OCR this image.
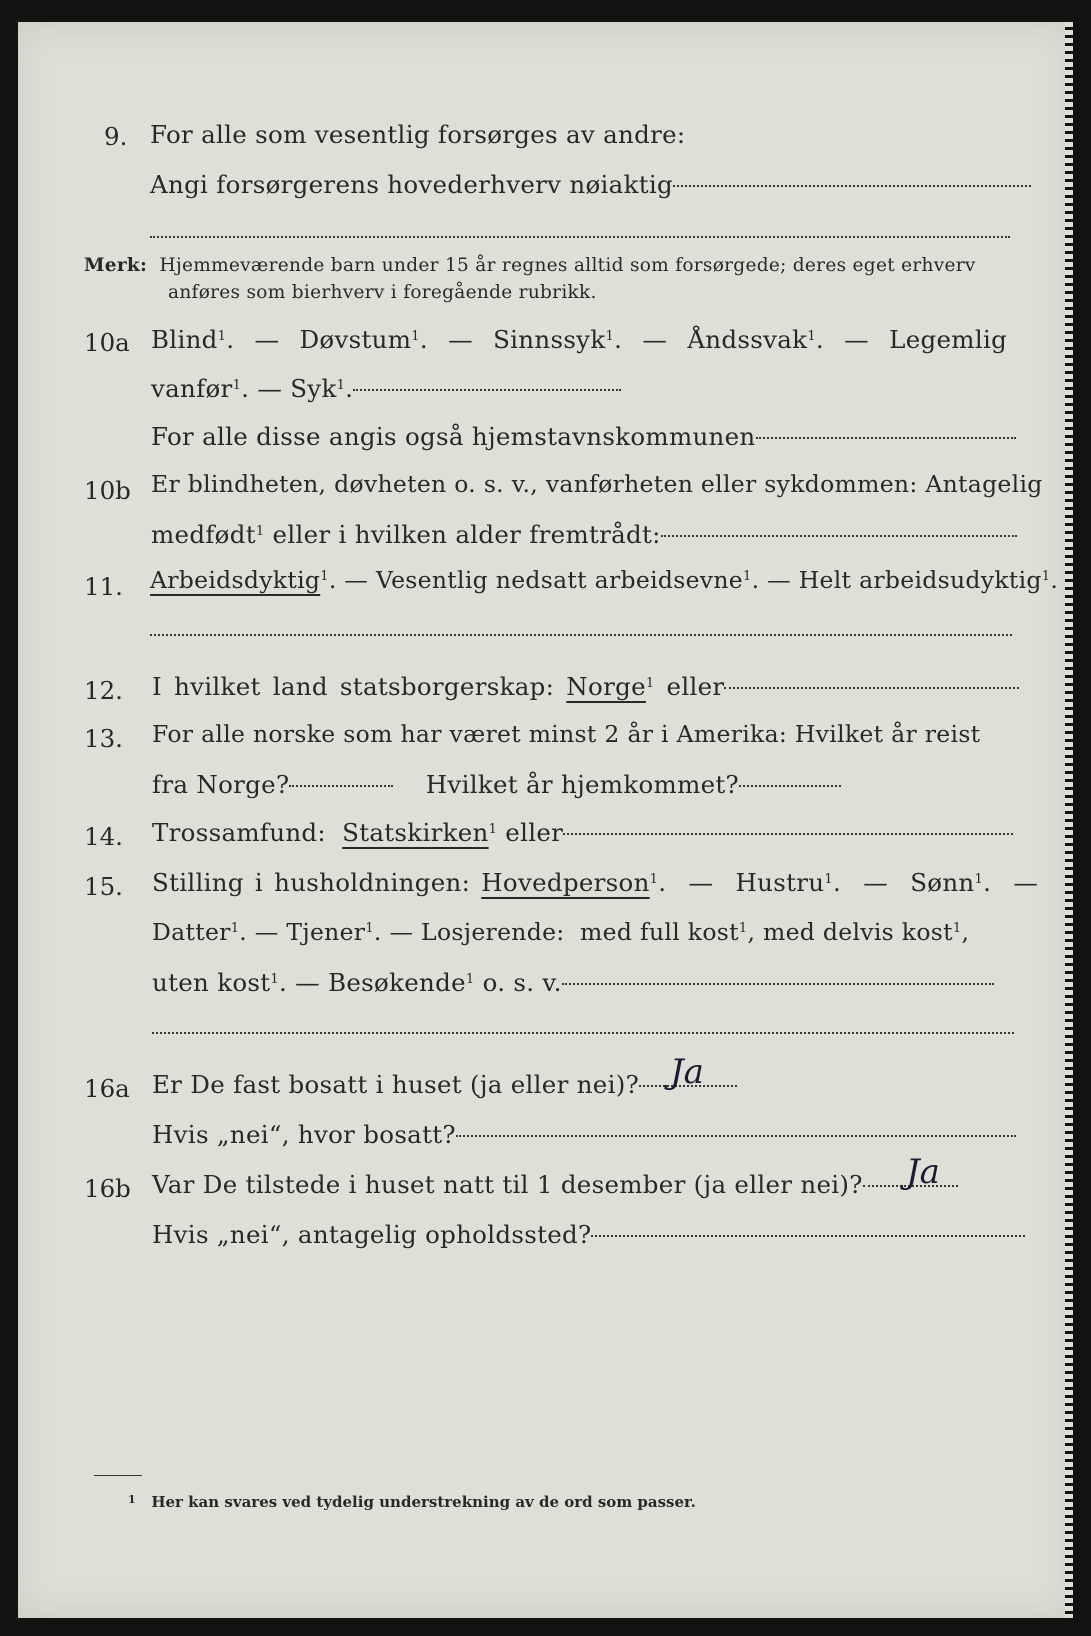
9. For alle som vesentlig forsørges av andre:
Angi forsørgerens hovederhverv nøiaktig
Merk: Hjemmeværende barn under 15 år regnes alltid som forsørgede; deres eget erhverv
anføres som bierhverv i foregående rubrikk.
10a Blind$^1$.  —  Døvstum$^1$.  —  Sinnssyk$^1$.  —  Åndssvak$^1$.  —  Legemlig
vanfør$^1$. — Syk$^1$.
For alle disse angis også hjemstavnskommunen
10b Er blindheten, døvheten o. s. v., vanførheten eller sykdommen: Antagelig
medfødt$^1$ eller i hvilken alder fremtrådt:
11. Arbeidsdyktig$^1$. — Vesentlig nedsatt arbeidsevne$^1$. — Helt arbeidsudyktig$^1$.
12. I hvilket land statsborgerskap: Norge$^1$ eller
13. For alle norske som har været minst 2 år i Amerika: Hvilket år reist
fra Norge?	Hvilket år hjemkommet?
14. Trossamfund: Statskirken$^1$ eller
15. Stilling i husholdningen: Hovedperson$^1$.  —  Hustru$^1$.  —  Sønn$^1$.  —
Datter$^1$. — Tjener$^1$. — Losjerende: med full kost$^1$, med delvis kost$^1$,
uten kost$^1$. — Besøkende$^1$ o. s. v.
16a Er De fast bosatt i huset (ja eller nei)? Ja
Hvis „nei“, hvor bosatt?
16b Var De tilstede i huset natt til 1 desember (ja eller nei)?	Ja
Hvis „nei“, antagelig opholdssted?
$^1$ Her kan svares ved tydelig understrekning av de ord som passer.
